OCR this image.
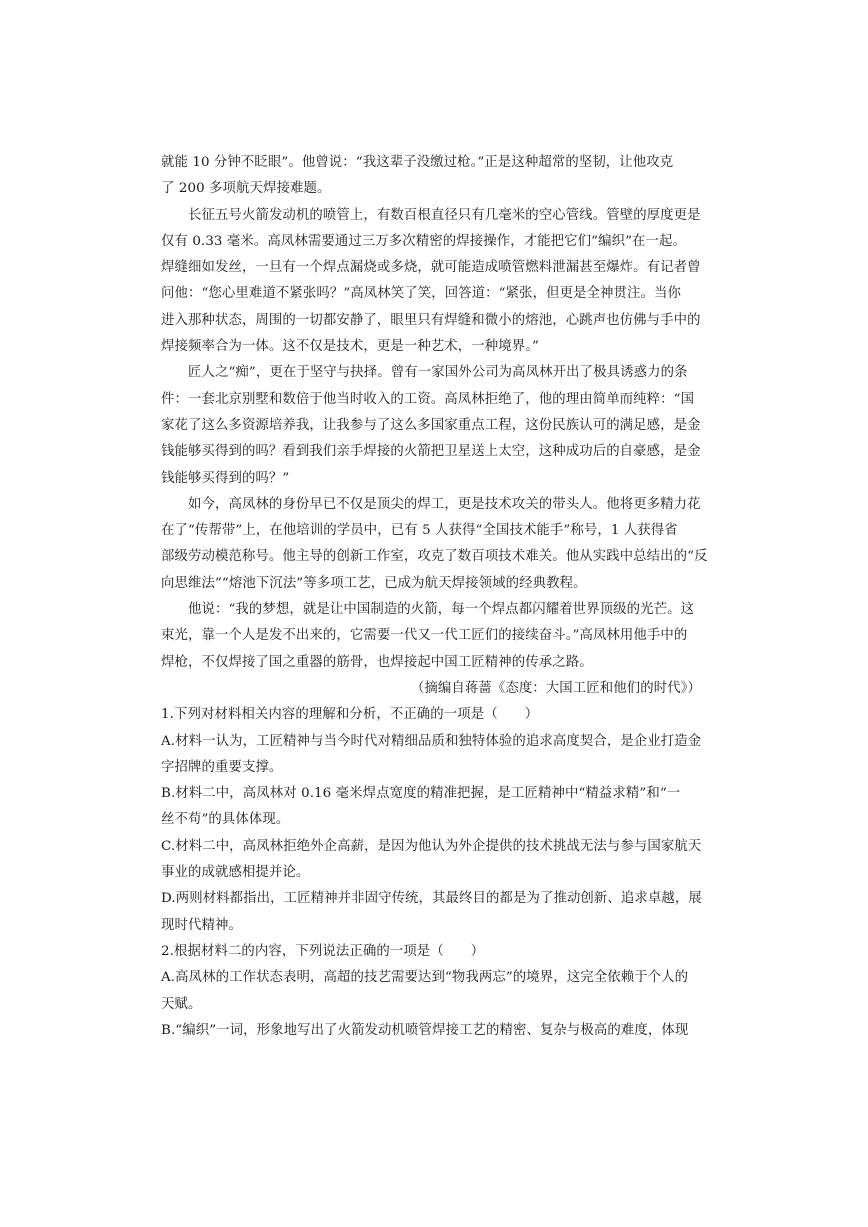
就能 10 分钟不眨眼”。他曾说：“我这辈子没缴过枪。”正是这种超常的坚韧，让他攻克
了 200 多项航天焊接难题。
长征五号火箭发动机的喷管上，有数百根直径只有几毫米的空心管线。管壁的厚度更是
仅有 0.33 毫米。高凤林需要通过三万多次精密的焊接操作，才能把它们“编织”在一起。
焊缝细如发丝，一旦有一个焊点漏烧或多烧，就可能造成喷管燃料泄漏甚至爆炸。有记者曾
问他：“您心里难道不紧张吗？”高凤林笑了笑，回答道：“紧张，但更是全神贯注。当你
进入那种状态，周围的一切都安静了，眼里只有焊缝和微小的熔池，心跳声也仿佛与手中的
焊接频率合为一体。这不仅是技术，更是一种艺术，一种境界。”
匠人之“痴”，更在于坚守与抉择。曾有一家国外公司为高凤林开出了极具诱惑力的条
件：一套北京别墅和数倍于他当时收入的工资。高凤林拒绝了，他的理由简单而纯粹：“国
家花了这么多资源培养我，让我参与了这么多国家重点工程，这份民族认可的满足感，是金
钱能够买得到的吗？看到我们亲手焊接的火箭把卫星送上太空，这种成功后的自豪感，是金
钱能够买得到的吗？”
如今，高凤林的身份早已不仅是顶尖的焊工，更是技术攻关的带头人。他将更多精力花
在了“传帮带”上，在他培训的学员中，已有 5 人获得“全国技术能手”称号，1 人获得省
部级劳动模范称号。他主导的创新工作室，攻克了数百项技术难关。他从实践中总结出的“反
向思维法”“熔池下沉法”等多项工艺，已成为航天焊接领域的经典教程。
他说：“我的梦想，就是让中国制造的火箭，每一个焊点都闪耀着世界顶级的光芒。这
束光，靠一个人是发不出来的，它需要一代又一代工匠们的接续奋斗。”高凤林用他手中的
焊枪，不仅焊接了国之重器的筋骨，也焊接起中国工匠精神的传承之路。
（摘编自蒋蔷《态度：大国工匠和他们的时代》）
1.下列对材料相关内容的理解和分析，不正确的一项是（　　）
A.材料一认为，工匠精神与当今时代对精细品质和独特体验的追求高度契合，是企业打造金
字招牌的重要支撑。
B.材料二中，高凤林对 0.16 毫米焊点宽度的精准把握，是工匠精神中“精益求精”和“一
丝不苟”的具体体现。
C.材料二中，高凤林拒绝外企高薪，是因为他认为外企提供的技术挑战无法与参与国家航天
事业的成就感相提并论。
D.两则材料都指出，工匠精神并非固守传统，其最终目的都是为了推动创新、追求卓越，展
现时代精神。
2.根据材料二的内容，下列说法正确的一项是（　　）
A.高凤林的工作状态表明，高超的技艺需要达到“物我两忘”的境界，这完全依赖于个人的
天赋。
B.“编织”一词，形象地写出了火箭发动机喷管焊接工艺的精密、复杂与极高的难度，体现
